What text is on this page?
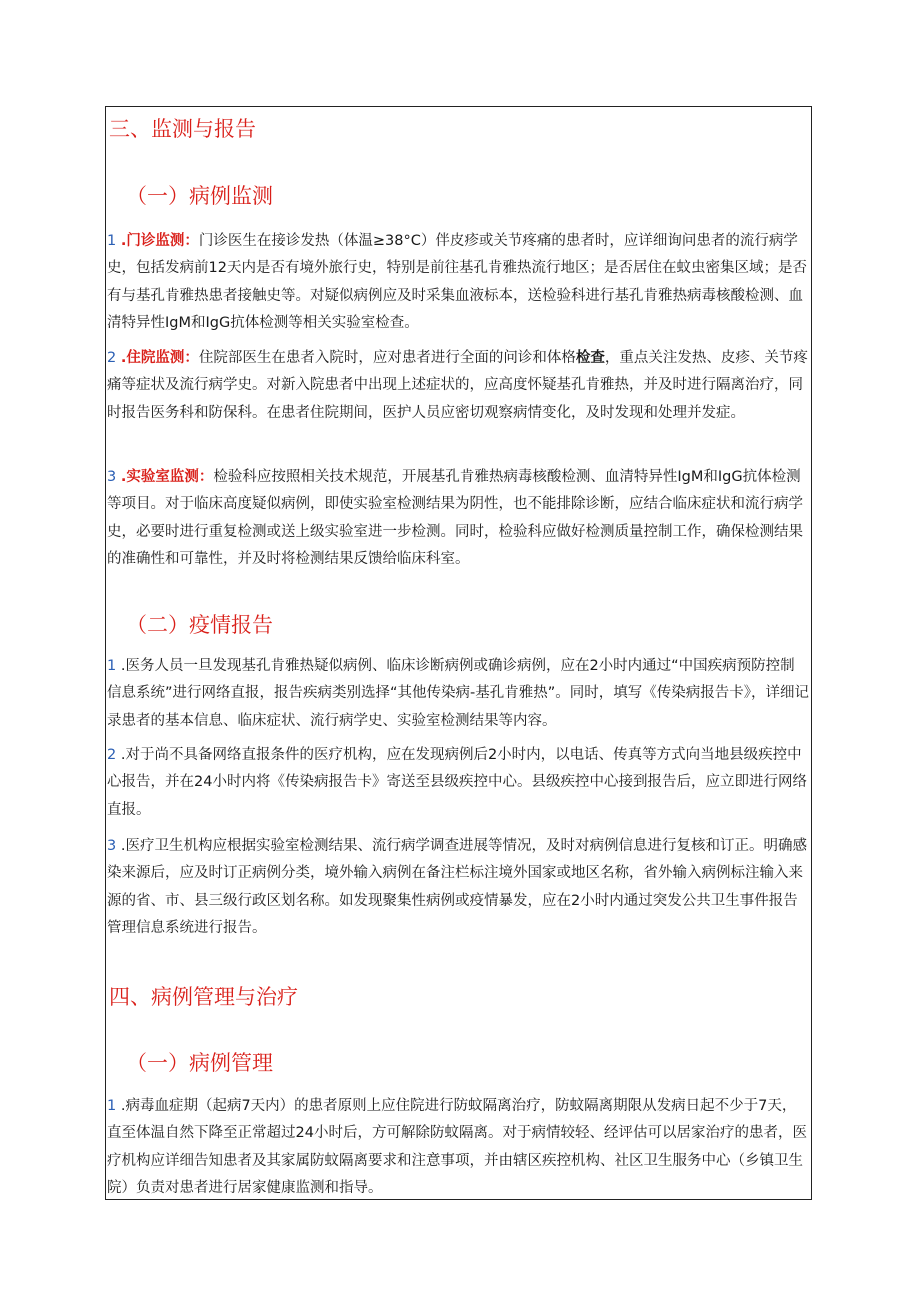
三、监测与报告
（一）病例监测

1 .门诊监测：门诊医生在接诊发热（体温≥38°C）伴皮疹或关节疼痛的患者时，应详细询问患者的流行病学史，包括发病前12天内是否有境外旅行史，特别是前往基孔肯雅热流行地区；是否居住在蚊虫密集区域；是否有与基孔肯雅热患者接触史等。对疑似病例应及时采集血液标本，送检验科进行基孔肯雅热病毒核酸检测、血清特异性IgM和IgG抗体检测等相关实验室检查。

2 .住院监测：住院部医生在患者入院时，应对患者进行全面的问诊和体格检查，重点关注发热、皮疹、关节疼痛等症状及流行病学史。对新入院患者中出现上述症状的，应高度怀疑基孔肯雅热，并及时进行隔离治疗，同时报告医务科和防保科。在患者住院期间，医护人员应密切观察病情变化，及时发现和处理并发症。

3 .实验室监测：检验科应按照相关技术规范，开展基孔肯雅热病毒核酸检测、血清特异性IgM和IgG抗体检测等项目。对于临床高度疑似病例，即使实验室检测结果为阴性，也不能排除诊断，应结合临床症状和流行病学史，必要时进行重复检测或送上级实验室进一步检测。同时，检验科应做好检测质量控制工作，确保检测结果的准确性和可靠性，并及时将检测结果反馈给临床科室。

（二）疫情报告

1 .医务人员一旦发现基孔肯雅热疑似病例、临床诊断病例或确诊病例，应在2小时内通过“中国疾病预防控制信息系统”进行网络直报，报告疾病类别选择“其他传染病-基孔肯雅热”。同时，填写《传染病报告卡》，详细记录患者的基本信息、临床症状、流行病学史、实验室检测结果等内容。

2 .对于尚不具备网络直报条件的医疗机构，应在发现病例后2小时内，以电话、传真等方式向当地县级疾控中心报告，并在24小时内将《传染病报告卡》寄送至县级疾控中心。县级疾控中心接到报告后，应立即进行网络直报。

3 .医疗卫生机构应根据实验室检测结果、流行病学调查进展等情况，及时对病例信息进行复核和订正。明确感染来源后，应及时订正病例分类，境外输入病例在备注栏标注境外国家或地区名称，省外输入病例标注输入来源的省、市、县三级行政区划名称。如发现聚集性病例或疫情暴发，应在2小时内通过突发公共卫生事件报告管理信息系统进行报告。

四、病例管理与治疗
（一）病例管理

1 .病毒血症期（起病7天内）的患者原则上应住院进行防蚊隔离治疗，防蚊隔离期限从发病日起不少于7天，直至体温自然下降至正常超过24小时后，方可解除防蚊隔离。对于病情较轻、经评估可以居家治疗的患者，医疗机构应详细告知患者及其家属防蚊隔离要求和注意事项，并由辖区疾控机构、社区卫生服务中心（乡镇卫生院）负责对患者进行居家健康监测和指导。
